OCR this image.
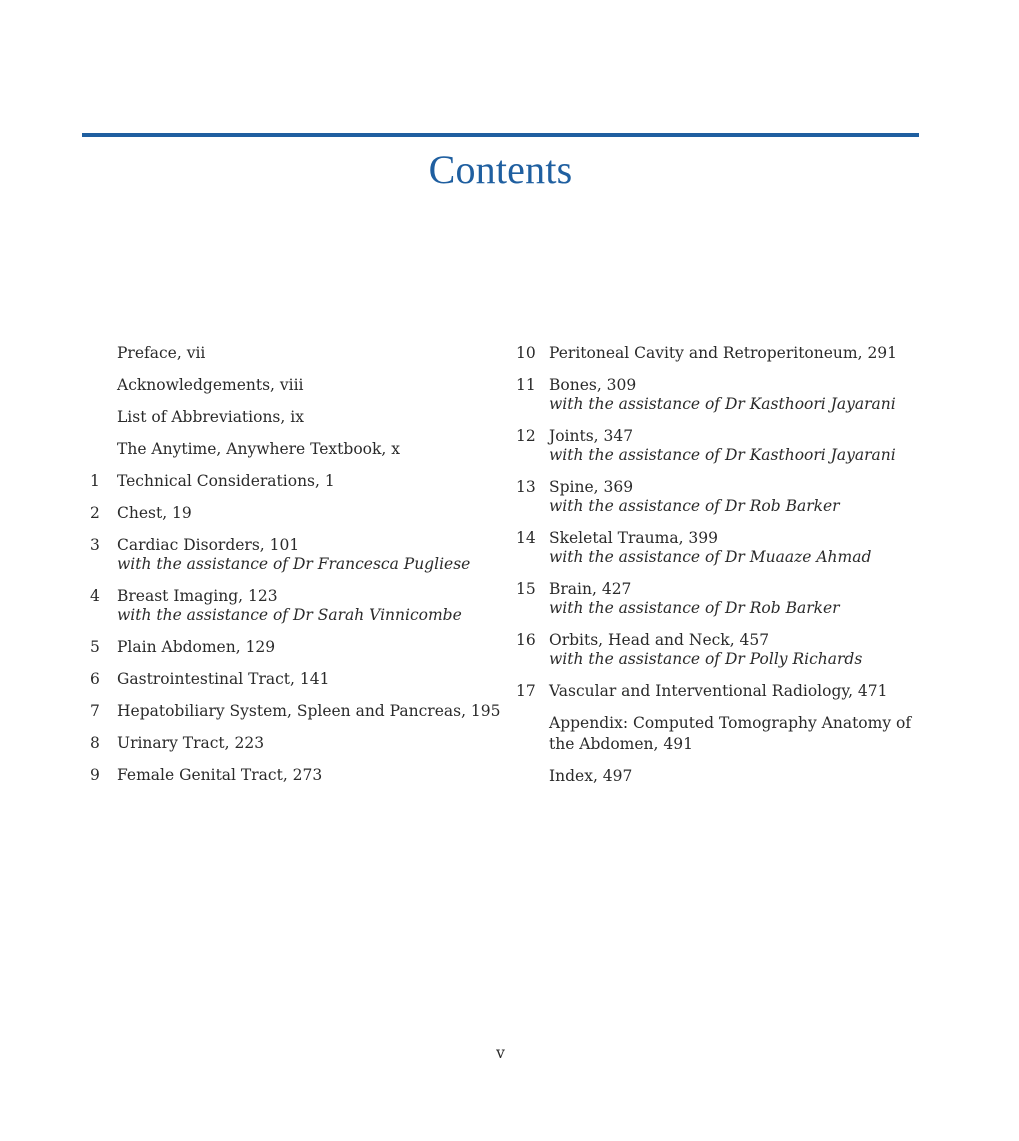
Contents
Preface, vii
Acknowledgements, viii
List of Abbreviations, ix
The Anytime, Anywhere Textbook, x
1	Technical Considerations, 1
2	Chest, 19
3	Cardiac Disorders, 101
with the assistance of Dr Francesca Pugliese
4	Breast Imaging, 123
with the assistance of Dr Sarah Vinnicombe
5	Plain Abdomen, 129
6	Gastrointestinal Tract, 141
7	Hepatobiliary System, Spleen and Pancreas, 195
8	Urinary Tract, 223
9	Female Genital Tract, 273
10 Peritoneal Cavity and Retroperitoneum, 291
11 Bones, 309
with the assistance of Dr Kasthoori Jayarani
12 Joints, 347
with the assistance of Dr Kasthoori Jayarani
13 Spine, 369
with the assistance of Dr Rob Barker
14 Skeletal Trauma, 399
with the assistance of Dr Muaaze Ahmad
15 Brain, 427
with the assistance of Dr Rob Barker
16 Orbits, Head and Neck, 457
with the assistance of Dr Polly Richards
17 Vascular and Interventional Radiology, 471
Appendix: Computed Tomography Anatomy of the Abdomen, 491
Index, 497
v
